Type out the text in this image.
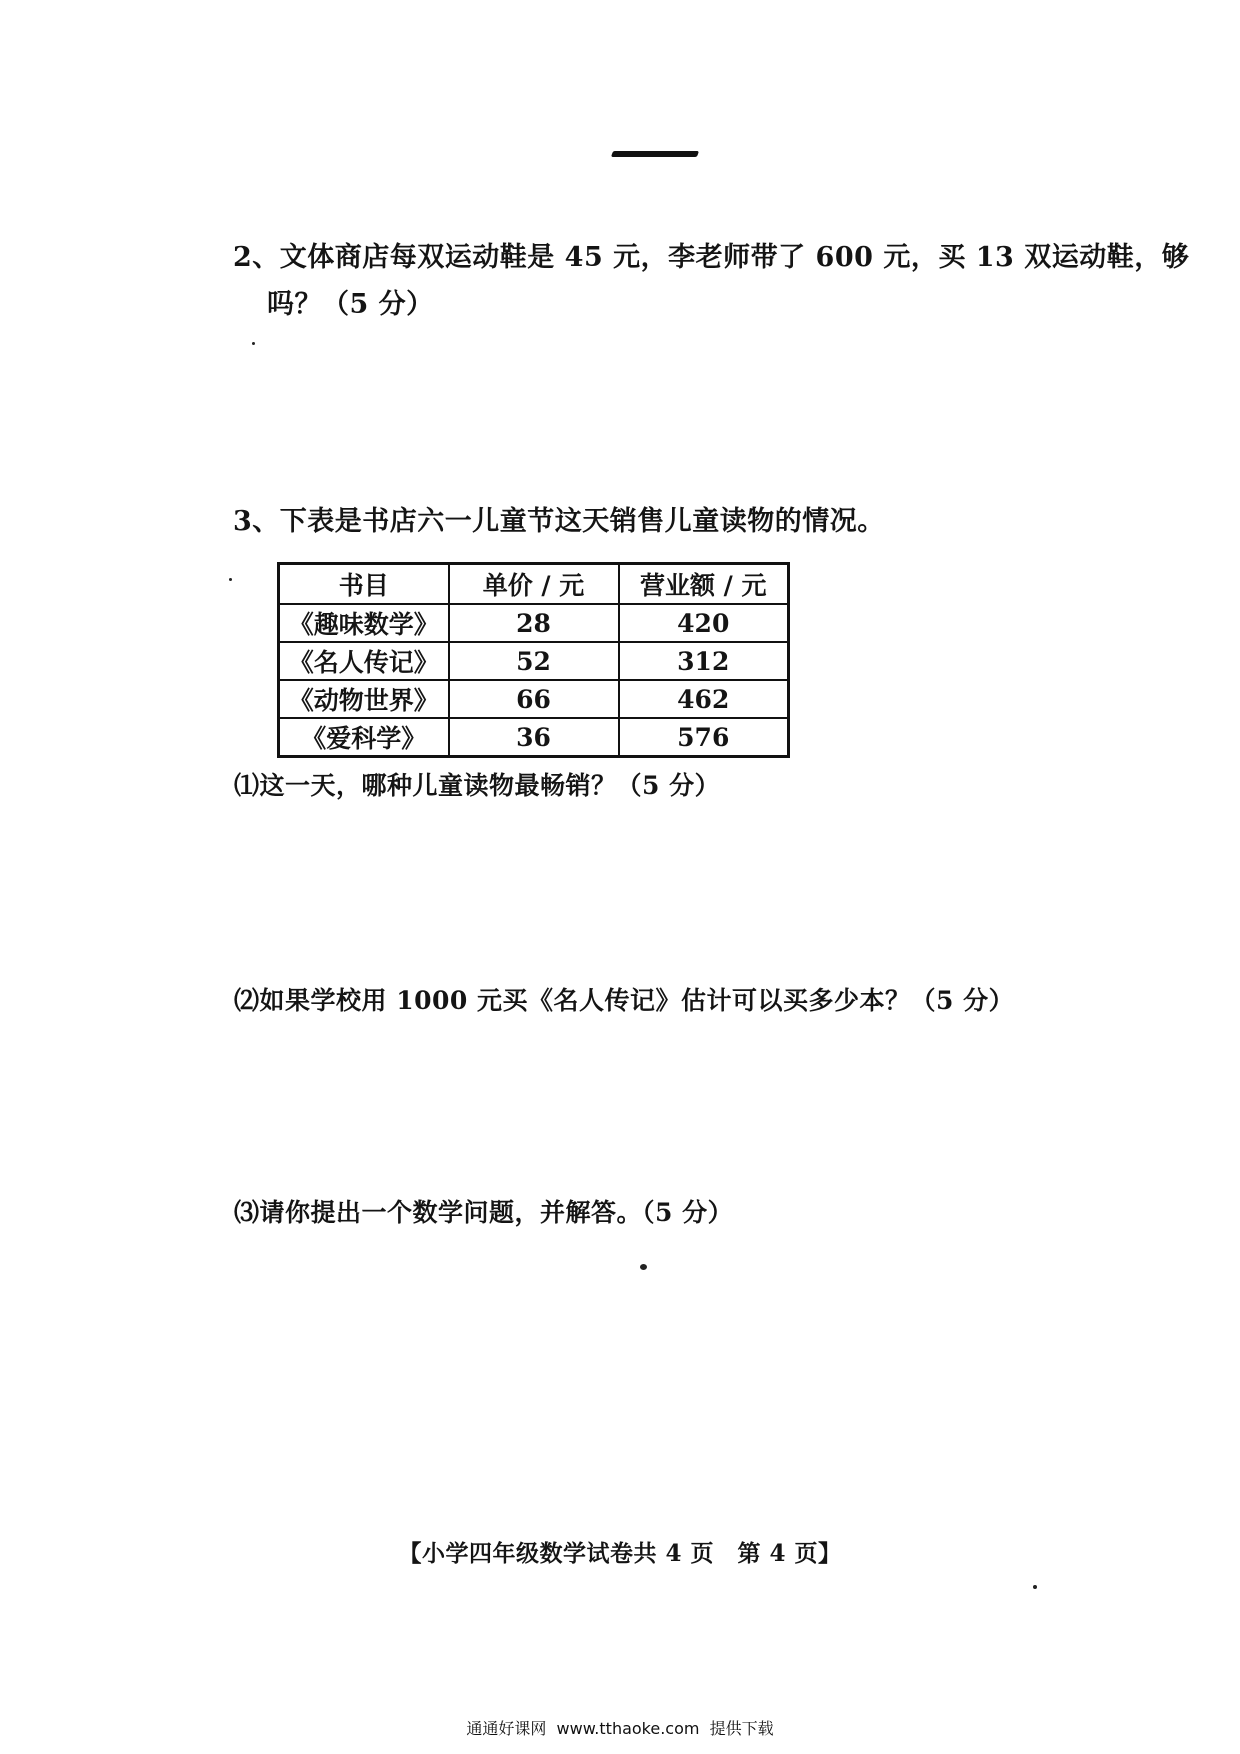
2、文体商店每双运动鞋是 45 元，李老师带了 600 元，买 13 双运动鞋，够
吗？（5 分）
3、下表是书店六一儿童节这天销售儿童读物的情况。
书目	单价 / 元	营业额 / 元
《趣味数学》	28	420
《名人传记》	52	312
《动物世界》	66	462
《爱科学》	36	576
⑴这一天，哪种儿童读物最畅销？（5 分）
⑵如果学校用 1000 元买《名人传记》估计可以买多少本？（5 分）
⑶请你提出一个数学问题，并解答。（5 分）
【小学四年级数学试卷共 4 页　第 4 页】
通通好课网  www.tthaoke.com  提供下载
